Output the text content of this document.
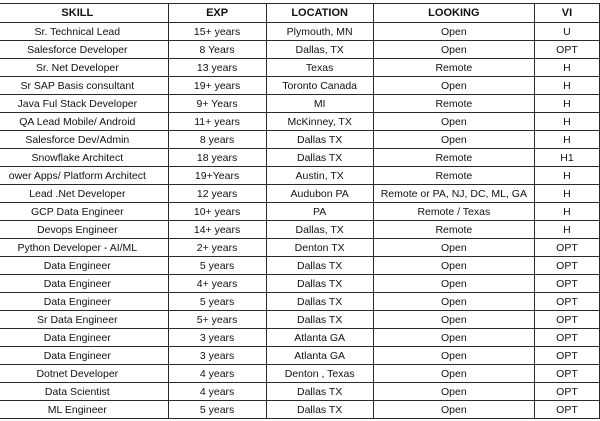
SKILL	EXP	LOCATION	LOOKING	VI
Sr. Technical Lead	15+ years	Plymouth, MN	Open	U
Salesforce Developer	8 Years	Dallas, TX	Open	OPT
Sr. Net Developer	13 years	Texas	Remote	H
Sr SAP Basis consultant	19+ years	Toronto Canada	Open	H
Java Ful Stack Developer	9+ Years	MI	Remote	H
QA Lead Mobile/ Android	11+ years	McKinney, TX	Open	H
Salesforce Dev/Admin	8 years	Dallas TX	Open	H
Snowflake Architect	18 years	Dallas TX	Remote	H1
ower Apps/ Platform Architect	19+Years	Austin, TX	Remote	H
Lead .Net Developer	12 years	Audubon PA	Remote or PA, NJ, DC, ML, GA	H
GCP Data Engineer	10+ years	PA	Remote / Texas	H
Devops Engineer	14+ years	Dallas, TX	Remote	H
Python Developer - AI/ML	2+ years	Denton TX	Open	OPT
Data Engineer	5 years	Dallas TX	Open	OPT
Data Engineer	4+ years	Dallas TX	Open	OPT
Data Engineer	5 years	Dallas TX	Open	OPT
Sr Data Engineer	5+ years	Dallas TX	Open	OPT
Data Engineer	3 years	Atlanta GA	Open	OPT
Data Engineer	3 years	Atlanta GA	Open	OPT
Dotnet Developer	4 years	Denton , Texas	Open	OPT
Data Scientist	4 years	Dallas TX	Open	OPT
ML Engineer	5 years	Dallas TX	Open	OPT
